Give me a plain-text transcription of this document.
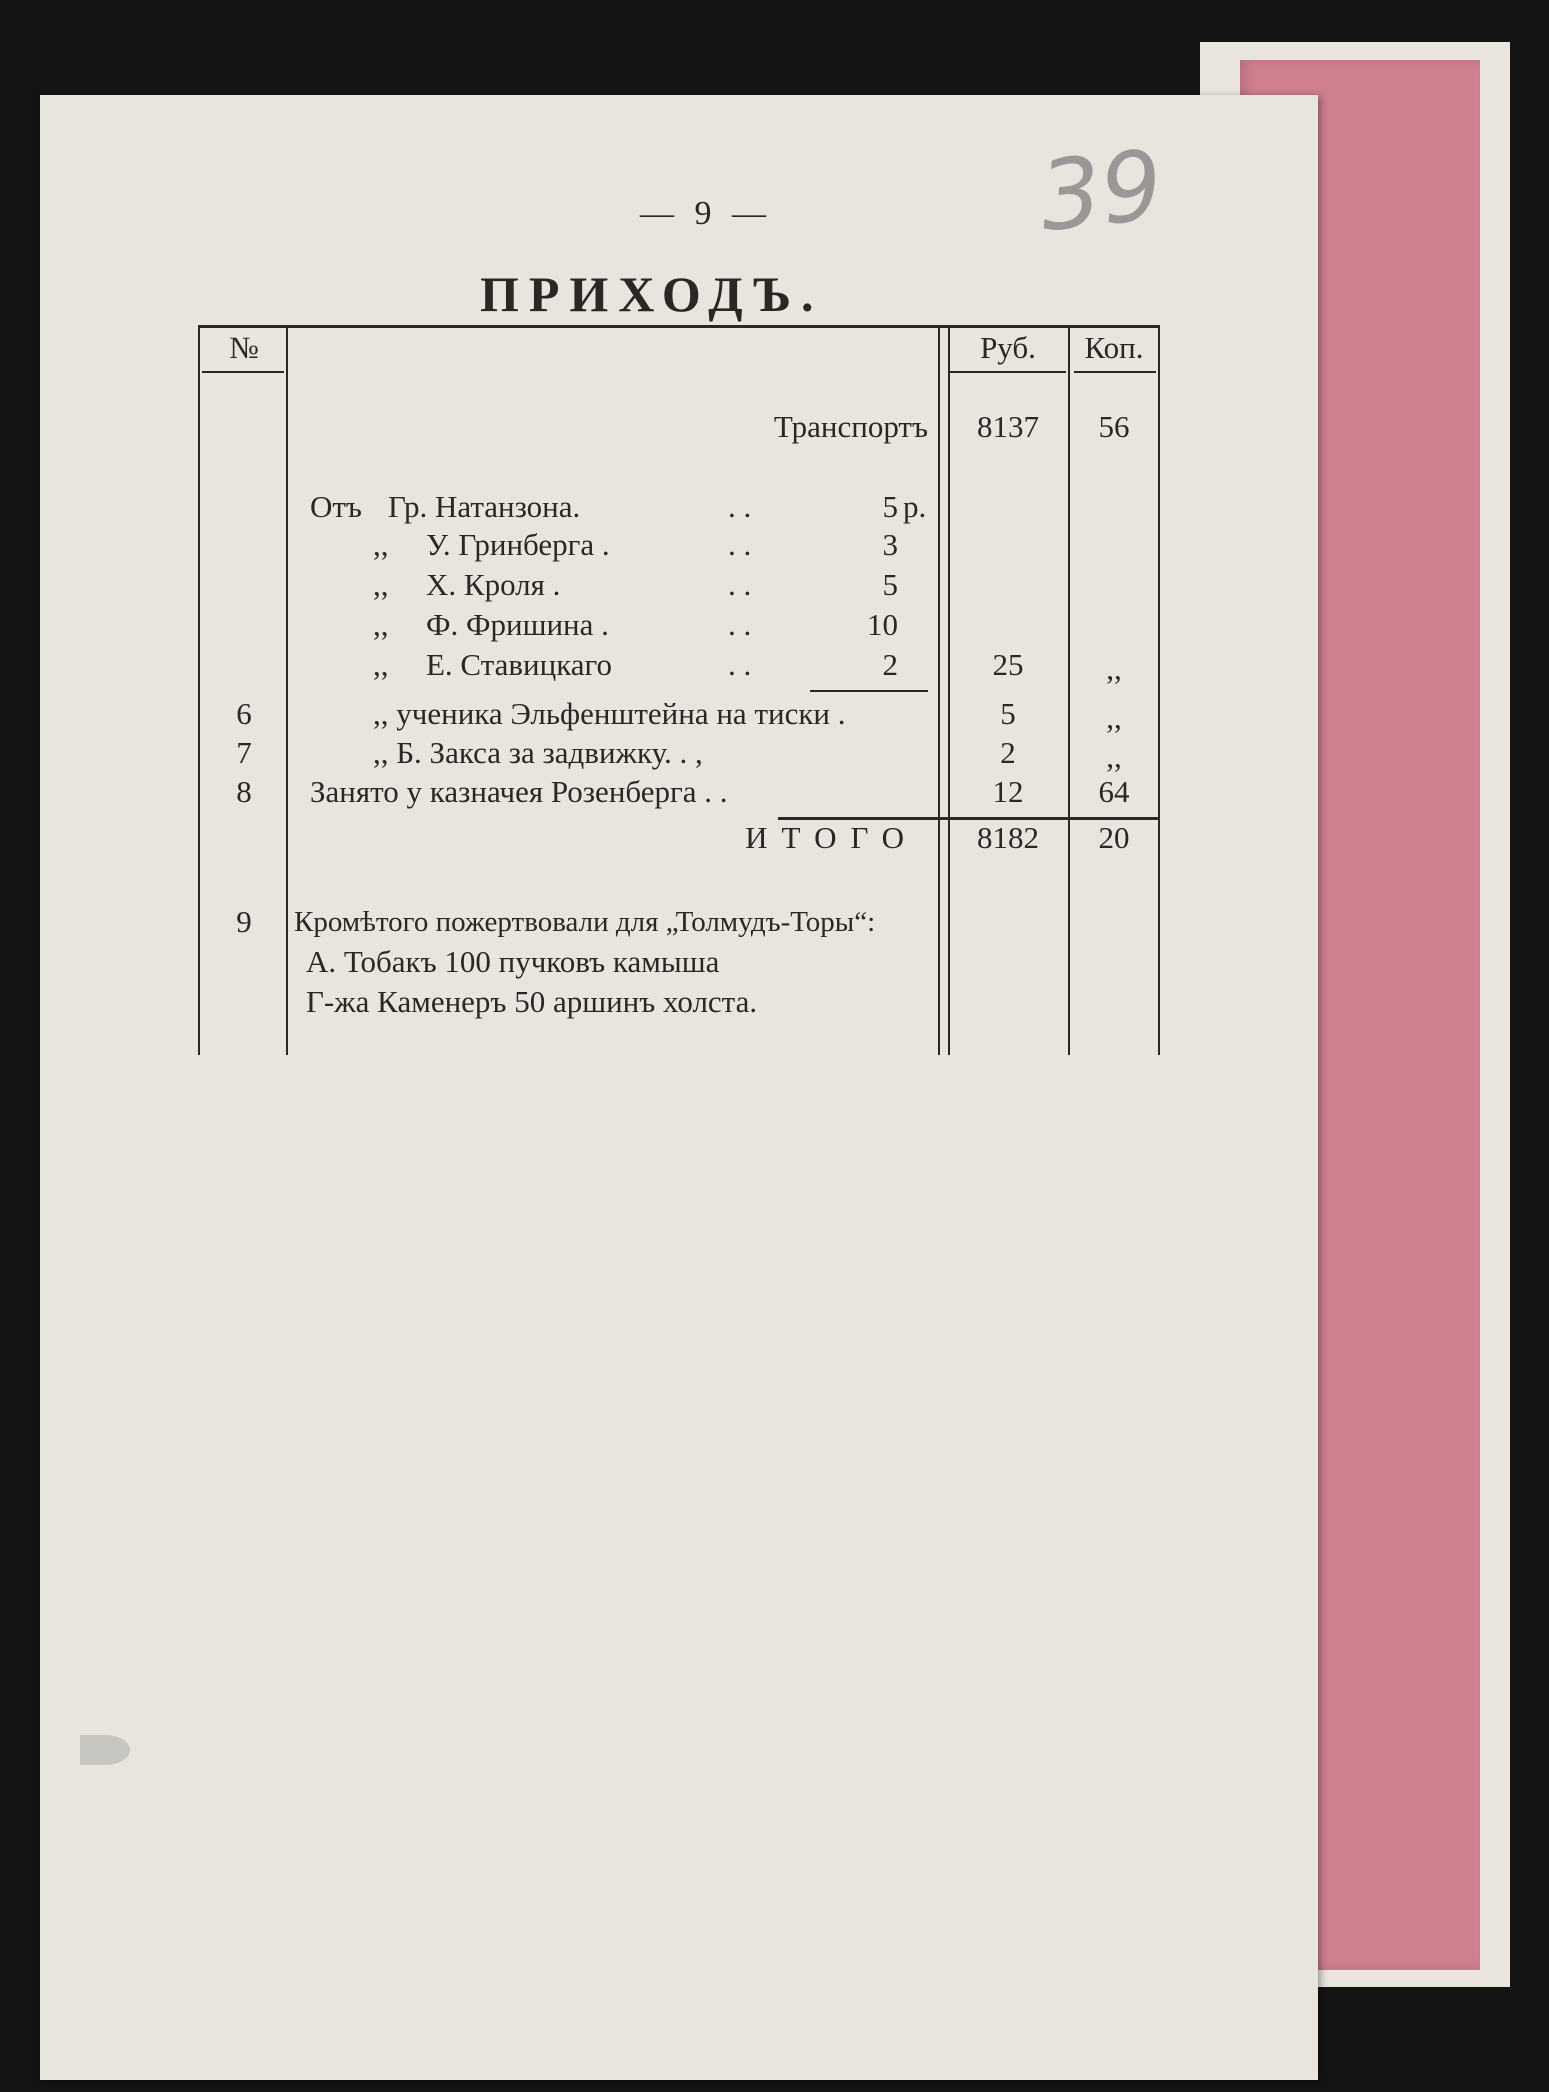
— 9 —	39
ПРИХОДЪ.
№	Руб.	Коп.
Транспортъ	8137	56
Отъ Гр. Натанзона.	. .	5 р.
,, У. Гринберга .	. .	3
,, Х. Кроля .	. .	5
,, Ф. Фришина .	. .	10
,, Е. Ставицкаго	. .	2	25	,,
6	,, ученика Эльфенштейна на тиски .	5	,,
7	,, Б. Закса за задвижку. . ,	2	,,
8	Занято у казначея Розенберга . .	12	64
ИТОГО	8182	20
9	Кромѣтого пожертвовали для „Толмудъ-Торы“:
А. Тобакъ 100 пучковъ камыша
Г-жа Каменеръ 50 аршинъ холста.
